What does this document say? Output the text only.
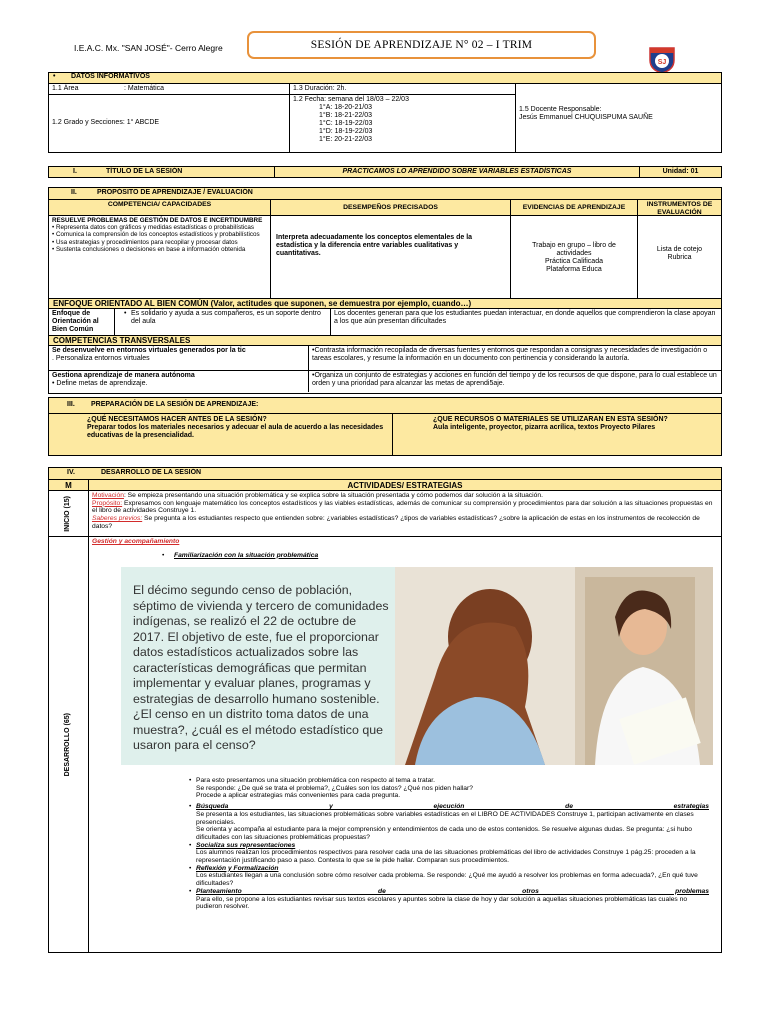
I.E.A.C. Mx. "SAN JOSÉ"- Cerro Alegre	SESIÓN DE APRENDIZAJE N° 02 – I TRIM
SJ
• DATOS INFORMATIVOS
1.1 Área	: Matemática
1.2 Grado y Secciones: 1° ABCDE
1.3 Duración: 2h.
1.2 Fecha: semana del 18/03 – 22/03
1°A: 18-20-21/03
1°B: 18-21-22/03
1°C: 18-19-22/03
1°D: 18-19-22/03
1°E: 20-21-22/03
1.5 Docente Responsable:
Jesús Emmanuel CHUQUISPUMA SAUÑE
I.	TÍTULO DE LA SESIÓN	PRACTICAMOS LO APRENDIDO SOBRE VARIABLES ESTADÍSTICAS	Unidad: 01
II.	PROPÓSITO DE APRENDIZAJE / EVALUACIÓN
COMPETENCIA/ CAPACIDADES	DESEMPEÑOS PRECISADOS	EVIDENCIAS DE APRENDIZAJE	INSTRUMENTOS DE EVALUACIÓN
RESUELVE PROBLEMAS DE GESTIÓN DE DATOS E INCERTIDUMBRE
• Representa datos con gráficos y medidas estadísticas o probabilísticas
• Comunica la comprensión de los conceptos estadísticos y probabilísticos
• Usa estrategias y procedimientos para recopilar y procesar datos
• Sustenta conclusiones o decisiones en base a información obtenida
Interpreta adecuadamente los conceptos elementales de la estadística y la diferencia entre variables cualitativas y cuantitativas.
Trabajo en grupo – libro de actividades
Práctica Calificada
Plataforma Educa
Lista de cotejo
Rubrica
ENFOQUE ORIENTADO AL BIEN COMÚN (Valor, actitudes que suponen, se demuestra por ejemplo, cuando…)
Enfoque de Orientación al Bien Común
• Es solidario y ayuda a sus compañeros, es un soporte dentro del aula
Los docentes generan para que los estudiantes puedan interactuar, en donde aquellos que comprendieron la clase apoyan a los que aún presentan dificultades
COMPETENCIAS TRANSVERSALES
Se desenvuelve en entornos virtuales generados por la tic
. Personaliza entornos virtuales
•Contrasta información recopilada de diversas fuentes y entornos que respondan a consignas y necesidades de investigación o tareas escolares, y resume la información en un documento con pertinencia y considerando la autoría.
Gestiona aprendizaje de manera autónoma
• Define metas de aprendizaje.
•Organiza un conjunto de estrategias y acciones en función del tiempo y de los recursos de que dispone, para lo cual establece un orden y una prioridad para alcanzar las metas de aprendi5aje.
III. PREPARACIÓN DE LA SESIÓN DE APRENDIZAJE:
¿QUÉ NECESITAMOS HACER ANTES DE LA SESIÓN?
Preparar todos los materiales necesarios y adecuar el aula de acuerdo a las necesidades educativas de la presencialidad.
¿QUE RECURSOS O MATERIALES SE UTILIZARAN EN ESTA SESIÓN?
Aula inteligente, proyector, pizarra acrílica, textos Proyecto Pilares
IV.	DESARROLLO DE LA SESIÓN
M	ACTIVIDADES/ ESTRATEGIAS
INICIO (15)
Motivación: Se empieza presentando una situación problemática y se explica sobre la situación presentada y cómo podemos dar solución a la situación.
Propósito: Expresamos con lenguaje matemático los conceptos estadísticos y las viables estadísticas, además de comunicar su comprensión y procedimientos para dar solución a las situaciones propuestas en el libro de actividades Construye 1.
Saberes previos: Se pregunta a los estudiantes respecto que entienden sobre: ¿variables estadísticas? ¿tipos de variables estadísticas? ¿sobre la aplicación de estas en los instrumentos de recolección de datos?
DESARROLLO (65)
Gestión y acompañamiento
• Familiarización con la situación problemática
• Para esto presentamos una situación problemática con respecto al tema a tratar.
Se responde: ¿De qué se trata el problema?, ¿Cuáles son los datos? ¿Qué nos piden hallar?
Procede a aplicar estrategias más convenientes para cada pregunta.
• Búsqueda y ejecución de estrategias
Se presenta a los estudiantes, las situaciones problemáticas sobre variables estadísticas en el LIBRO DE ACTIVIDADES Construye 1, participan activamente en clases presenciales.
Se orienta y acompaña al estudiante para la mejor comprensión y entendimientos de cada uno de estos contenidos. Se resuelve algunas dudas. Se pregunta: ¿si hubo dificultades con las situaciones problemáticas propuestas?
• Socializa sus representaciones
Los alumnos realizan los procedimientos respectivos para resolver cada una de las situaciones problemáticas del libro de actividades Construye 1 pág.25: proceden a la representación justificando paso a paso. Contesta lo que se le pide hallar. Comparan sus procedimientos.
• Reflexión y Formalización
Los estudiantes llegan a una conclusión sobre cómo resolver cada problema. Se responde: ¿Qué me ayudó a resolver los problemas en forma adecuada?, ¿En qué tuve dificultades?
• Planteamiento de otros problemas
Para ello, se propone a los estudiantes revisar sus textos escolares y apuntes sobre la clase de hoy y dar solución a aquellas situaciones problemáticas las cuales no pudieron resolver.
El décimo segundo censo de población, séptimo de vivienda y tercero de comunidades indígenas, se realizó el 22 de octubre de 2017. El objetivo de este, fue el proporcionar datos estadísticos actualizados sobre las características demográficas que permitan implementar y evaluar planes, programas y estrategias de desarrollo humano sostenible.
¿El censo en un distrito toma datos de una muestra?, ¿cuál es el método estadístico que usaron para el censo?
